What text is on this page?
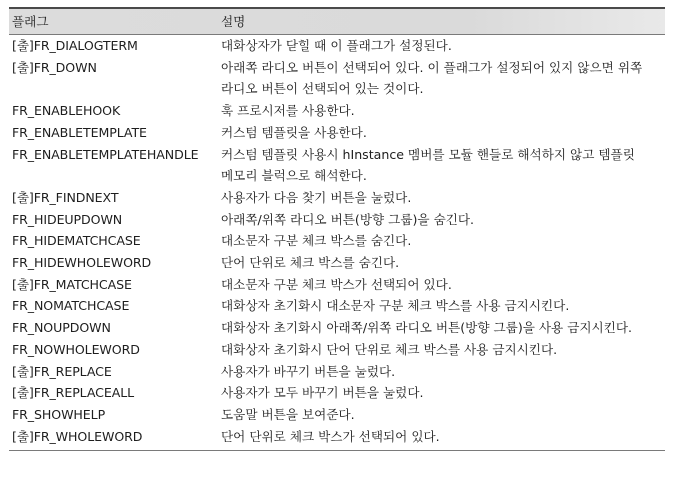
플래그	설명
[출]FR_DIALOGTERM	대화상자가 닫힐 때 이 플래그가 설정된다.
[출]FR_DOWN	아래쪽 라디오 버튼이 선택되어 있다. 이 플래그가 설정되어 있지 않으면 위쪽 라디오 버튼이 선택되어 있는 것이다.
FR_ENABLEHOOK	훅 프로시저를 사용한다.
FR_ENABLETEMPLATE	커스텀 템플릿을 사용한다.
FR_ENABLETEMPLATEHANDLE 커스텀 템플릿 사용시 hInstance 멤버를 모듈 핸들로 해석하지 않고 템플릿 메모리 블럭으로 해석한다.
[출]FR_FINDNEXT	사용자가 다음 찾기 버튼을 눌렀다.
FR_HIDEUPDOWN	아래쪽/위쪽 라디오 버튼(방향 그룹)을 숨긴다.
FR_HIDEMATCHCASE	대소문자 구분 체크 박스를 숨긴다.
FR_HIDEWHOLEWORD	단어 단위로 체크 박스를 숨긴다.
[출]FR_MATCHCASE	대소문자 구분 체크 박스가 선택되어 있다.
FR_NOMATCHCASE	대화상자 초기화시 대소문자 구분 체크 박스를 사용 금지시킨다.
FR_NOUPDOWN	대화상자 초기화시 아래쪽/위쪽 라디오 버튼(방향 그룹)을 사용 금지시킨다.
FR_NOWHOLEWORD	대화상자 초기화시 단어 단위로 체크 박스를 사용 금지시킨다.
[출]FR_REPLACE	사용자가 바꾸기 버튼을 눌렀다.
[출]FR_REPLACEALL	사용자가 모두 바꾸기 버튼을 눌렀다.
FR_SHOWHELP	도움말 버튼을 보여준다.
[출]FR_WHOLEWORD	단어 단위로 체크 박스가 선택되어 있다.
